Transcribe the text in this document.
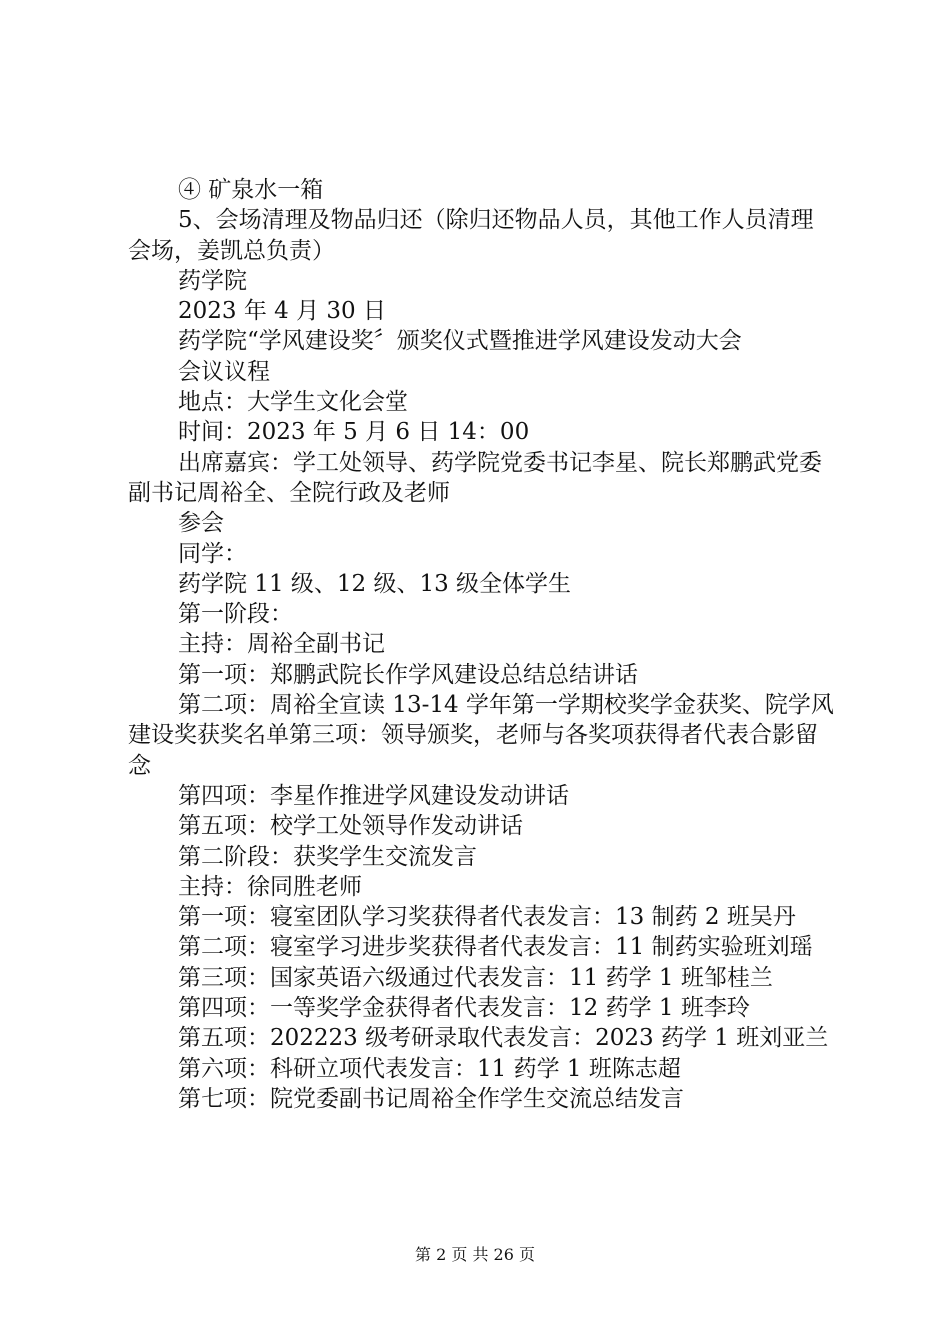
④ 矿泉水一箱

5、会场清理及物品归还（除归还物品人员，其他工作人员清理会场，姜凯总负责）

药学院

2023 年 4 月 30 日

药学院“学风建设奖〞颁奖仪式暨推进学风建设发动大会

会议议程

地点：大学生文化会堂

时间：2023 年 5 月 6 日 14：00

出席嘉宾：学工处领导、药学院党委书记李星、院长郑鹏武党委副书记周裕全、全院行政及老师

参会

同学：

药学院 11 级、12 级、13 级全体学生

第一阶段：

主持：周裕全副书记

第一项：郑鹏武院长作学风建设总结总结讲话

第二项：周裕全宣读 13-14 学年第一学期校奖学金获奖、院学风建设奖获奖名单第三项：领导颁奖，老师与各奖项获得者代表合影留念

第四项：李星作推进学风建设发动讲话

第五项：校学工处领导作发动讲话

第二阶段：获奖学生交流发言

主持：徐同胜老师

第一项：寝室团队学习奖获得者代表发言：13 制药 2 班吴丹

第二项：寝室学习进步奖获得者代表发言：11 制药实验班刘瑶

第三项：国家英语六级通过代表发言：11 药学 1 班邹桂兰

第四项：一等奖学金获得者代表发言：12 药学 1 班李玲

第五项：202223 级考研录取代表发言：2023 药学 1 班刘亚兰

第六项：科研立项代表发言：11 药学 1 班陈志超

第七项：院党委副书记周裕全作学生交流总结发言

第 2 页 共 26 页
